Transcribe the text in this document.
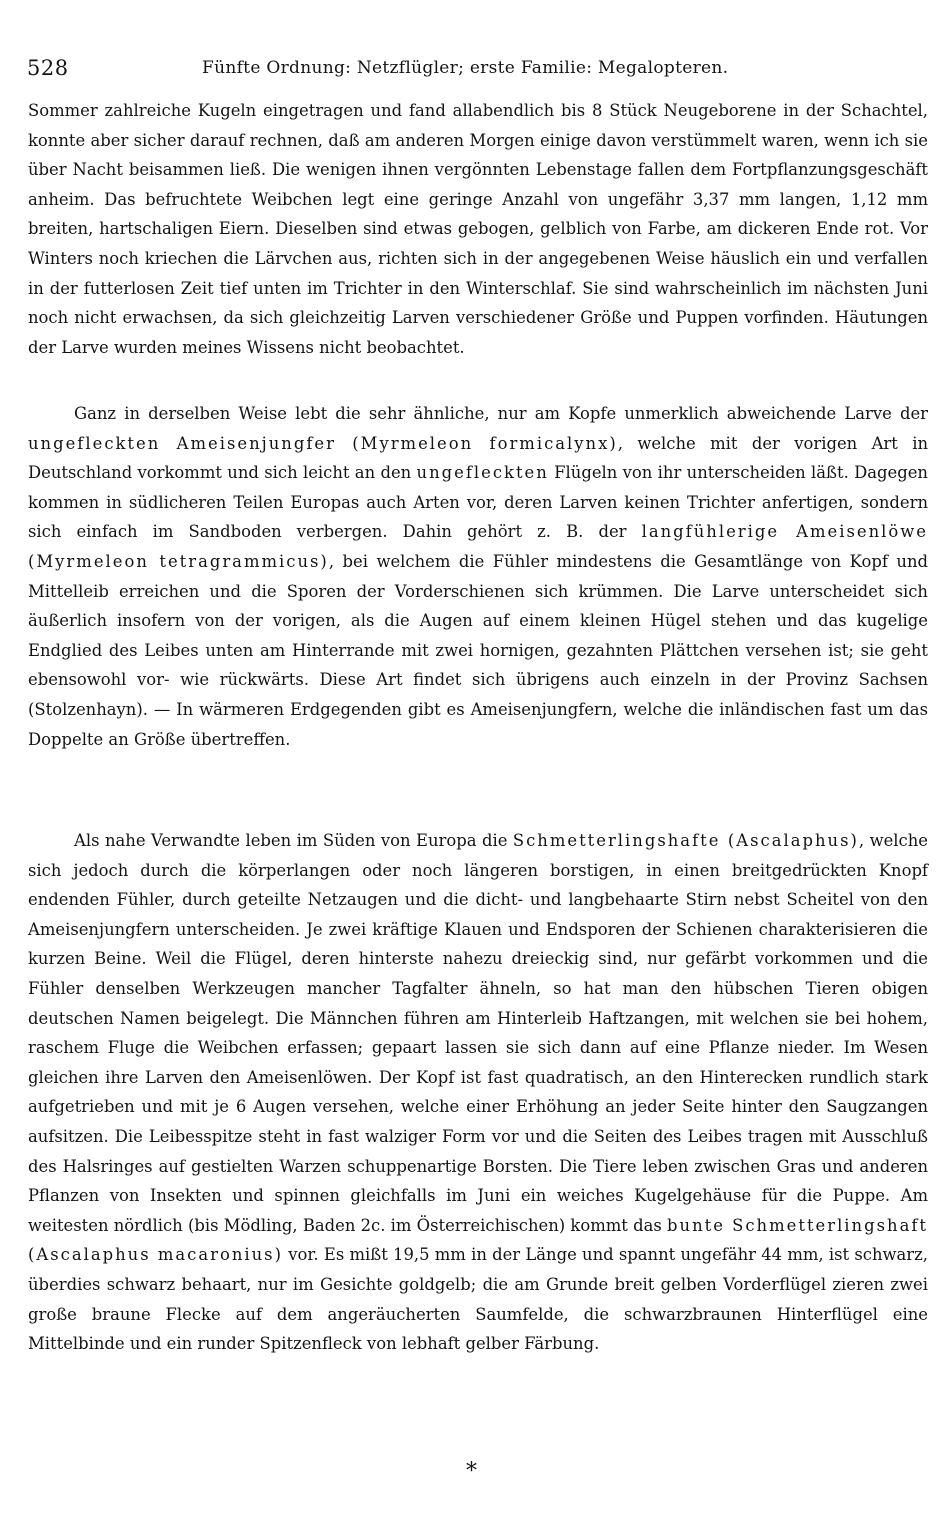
528	Fünfte Ordnung: Netzflügler; erste Familie: Megalopteren.

Sommer zahlreiche Kugeln eingetragen und fand allabendlich bis 8 Stück Neugeborene in der Schachtel, konnte aber sicher darauf rechnen, daß am anderen Morgen einige davon verstümmelt waren, wenn ich sie über Nacht beisammen ließ. Die wenigen ihnen vergönnten Lebenstage fallen dem Fortpflanzungsgeschäft anheim. Das befruchtete Weibchen legt eine geringe Anzahl von ungefähr 3,37 mm langen, 1,12 mm breiten, hartschaligen Eiern. Dieselben sind etwas gebogen, gelblich von Farbe, am dickeren Ende rot. Vor Winters noch kriechen die Lärvchen aus, richten sich in der angegebenen Weise häuslich ein und verfallen in der futterlosen Zeit tief unten im Trichter in den Winterschlaf. Sie sind wahrscheinlich im nächsten Juni noch nicht erwachsen, da sich gleichzeitig Larven verschiedener Größe und Puppen vorfinden. Häutungen der Larve wurden meines Wissens nicht beobachtet.

Ganz in derselben Weise lebt die sehr ähnliche, nur am Kopfe unmerklich abweichende Larve der ungefleckten Ameisenjungfer (Myrmeleon formicalynx), welche mit der vorigen Art in Deutschland vorkommt und sich leicht an den ungefleckten Flügeln von ihr unterscheiden läßt. Dagegen kommen in südlicheren Teilen Europas auch Arten vor, deren Larven keinen Trichter anfertigen, sondern sich einfach im Sandboden verbergen. Dahin gehört z. B. der langfühlerige Ameisenlöwe (Myrmeleon tetragrammicus), bei welchem die Fühler mindestens die Gesamtlänge von Kopf und Mittelleib erreichen und die Sporen der Vorderschienen sich krümmen. Die Larve unterscheidet sich äußerlich insofern von der vorigen, als die Augen auf einem kleinen Hügel stehen und das kugelige Endglied des Leibes unten am Hinterrande mit zwei hornigen, gezahnten Plättchen versehen ist; sie geht ebensowohl vor- wie rückwärts. Diese Art findet sich übrigens auch einzeln in der Provinz Sachsen (Stolzenhayn). — In wärmeren Erdgegenden gibt es Ameisenjungfern, welche die inländischen fast um das Doppelte an Größe übertreffen.

Als nahe Verwandte leben im Süden von Europa die Schmetterlingshafte (Ascalaphus), welche sich jedoch durch die körperlangen oder noch längeren borstigen, in einen breitgedrückten Knopf endenden Fühler, durch geteilte Netzaugen und die dicht- und langbehaarte Stirn nebst Scheitel von den Ameisenjungfern unterscheiden. Je zwei kräftige Klauen und Endsporen der Schienen charakterisieren die kurzen Beine. Weil die Flügel, deren hinterste nahezu dreieckig sind, nur gefärbt vorkommen und die Fühler denselben Werkzeugen mancher Tagfalter ähneln, so hat man den hübschen Tieren obigen deutschen Namen beigelegt. Die Männchen führen am Hinterleib Haftzangen, mit welchen sie bei hohem, raschem Fluge die Weibchen erfassen; gepaart lassen sie sich dann auf eine Pflanze nieder. Im Wesen gleichen ihre Larven den Ameisenlöwen. Der Kopf ist fast quadratisch, an den Hinterecken rundlich stark aufgetrieben und mit je 6 Augen versehen, welche einer Erhöhung an jeder Seite hinter den Saugzangen aufsitzen. Die Leibesspitze steht in fast walziger Form vor und die Seiten des Leibes tragen mit Ausschluß des Halsringes auf gestielten Warzen schuppenartige Borsten. Die Tiere leben zwischen Gras und anderen Pflanzen von Insekten und spinnen gleichfalls im Juni ein weiches Kugelgehäuse für die Puppe. Am weitesten nördlich (bis Mödling, Baden 2c. im Österreichischen) kommt das bunte Schmetterlingshaft (Ascalaphus macaronius) vor. Es mißt 19,5 mm in der Länge und spannt ungefähr 44 mm, ist schwarz, überdies schwarz behaart, nur im Gesichte goldgelb; die am Grunde breit gelben Vorderflügel zieren zwei große braune Flecke auf dem angeräucherten Saumfelde, die schwarzbraunen Hinterflügel eine Mittelbinde und ein runder Spitzenfleck von lebhaft gelber Färbung.

*
